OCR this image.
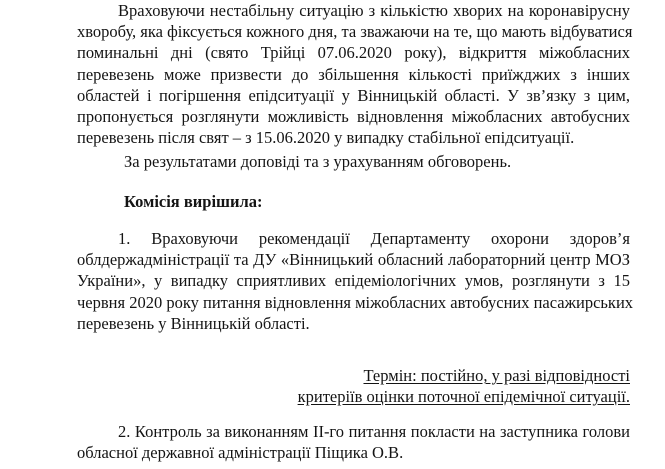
Враховуючи нестабільну ситуацію з кількістю хворих на коронавірусну
хворобу, яка фіксується кожного дня, та зважаючи на те, що мають відбуватися
поминальні дні (свято Трійці 07.06.2020 року), відкриття міжобласних
перевезень може призвести до збільшення кількості приїжджих з інших
областей і погіршення епідситуації у Вінницькій області. У зв’язку з цим,
пропонується розглянути можливість відновлення міжобласних автобусних
перевезень після свят – з 15.06.2020 у випадку стабільної епідситуації.
За результатами доповіді та з урахуванням обговорень.
Комісія вирішила:
1. Враховуючи рекомендації Департаменту охорони здоров’я
облдержадміністрації та ДУ «Вінницький обласний лабораторний центр МОЗ
України», у випадку сприятливих епідеміологічних умов, розглянути з 15
червня 2020 року питання відновлення міжобласних автобусних пасажирських
перевезень у Вінницькій області.
Термін: постійно, у разі відповідності
критеріїв оцінки поточної епідемічної ситуації.
2. Контроль за виконанням ІІ-го питання покласти на заступника голови
обласної державної адміністрації Піщика О.В.
